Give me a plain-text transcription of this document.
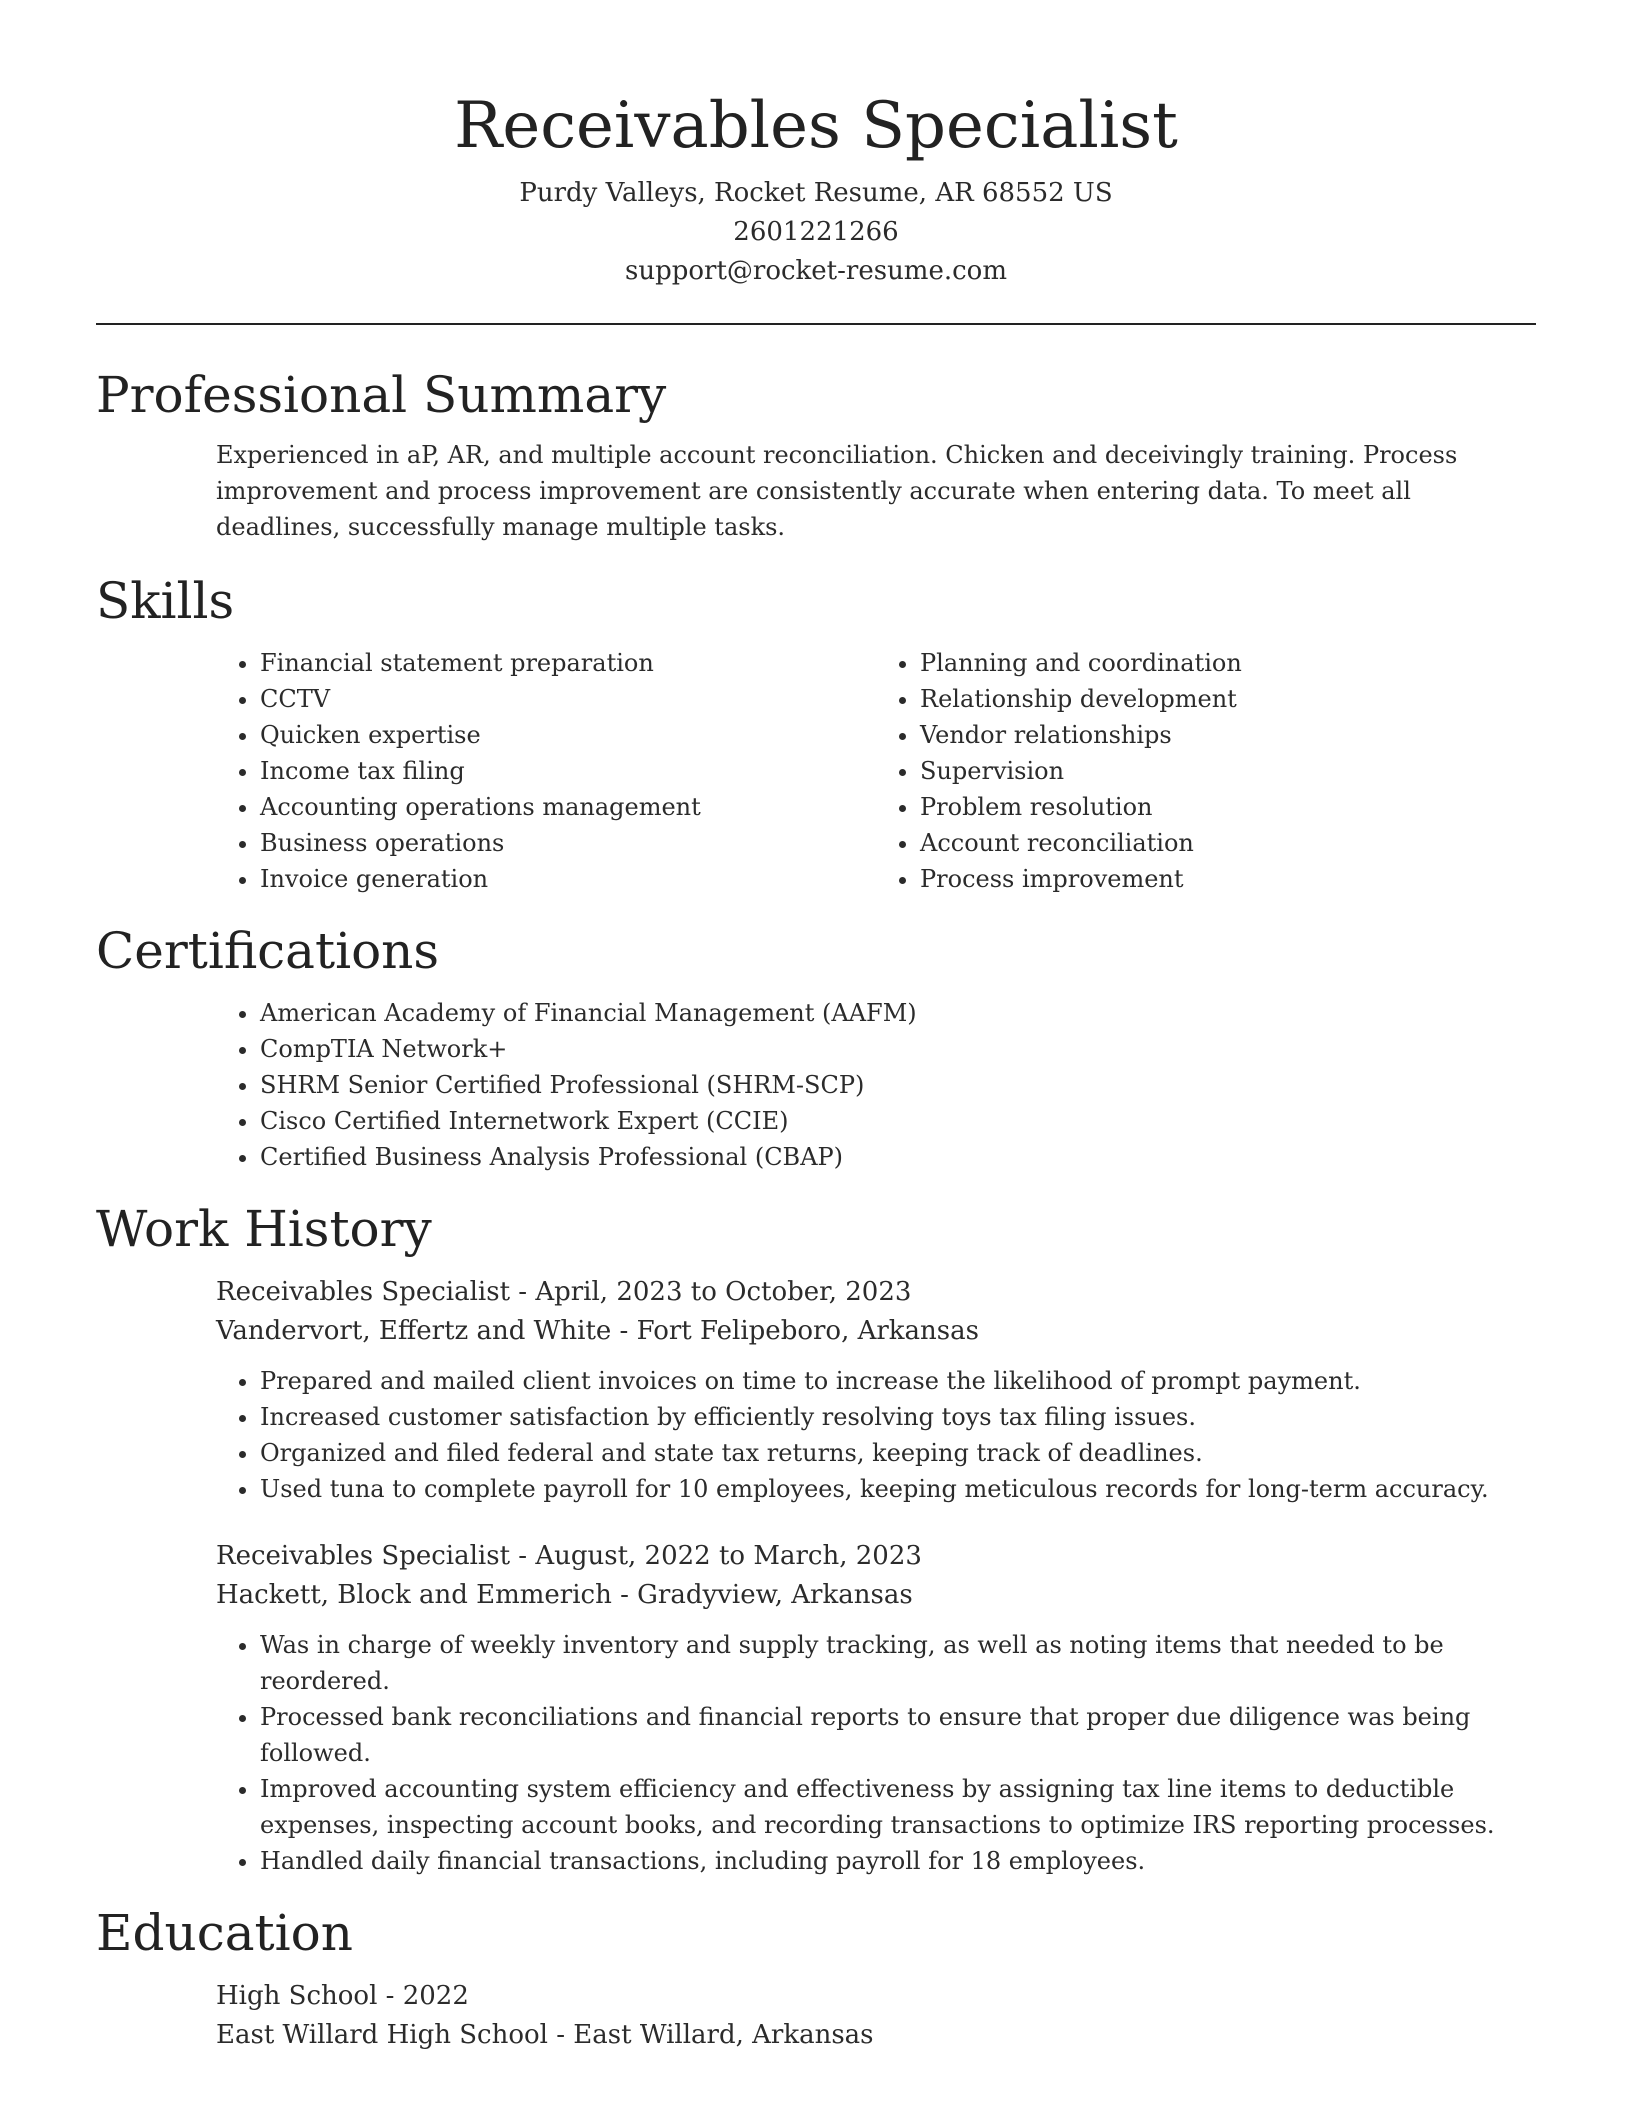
Receivables Specialist
Purdy Valleys, Rocket Resume, AR 68552 US
2601221266
support@rocket-resume.com
Professional Summary

Experienced in aP, AR, and multiple account reconciliation. Chicken and deceivingly training. Process improvement and process improvement are consistently accurate when entering data. To meet all deadlines, successfully manage multiple tasks.

Skills
• Financial statement preparation
• CCTV
• Quicken expertise
• Income tax filing
• Accounting operations management
• Business operations
• Invoice generation
• Planning and coordination
• Relationship development
• Vendor relationships
• Supervision
• Problem resolution
• Account reconciliation
• Process improvement
Certifications
• American Academy of Financial Management (AAFM)
• CompTIA Network+
• SHRM Senior Certified Professional (SHRM-SCP)
• Cisco Certified Internetwork Expert (CCIE)
• Certified Business Analysis Professional (CBAP)
Work History
Receivables Specialist - April, 2023 to October, 2023
Vandervort, Effertz and White - Fort Felipeboro, Arkansas
• Prepared and mailed client invoices on time to increase the likelihood of prompt payment.
• Increased customer satisfaction by efficiently resolving toys tax filing issues.
• Organized and filed federal and state tax returns, keeping track of deadlines.
• Used tuna to complete payroll for 10 employees, keeping meticulous records for long-term accuracy.
Receivables Specialist - August, 2022 to March, 2023
Hackett, Block and Emmerich - Gradyview, Arkansas
• Was in charge of weekly inventory and supply tracking, as well as noting items that needed to be reordered.
• Processed bank reconciliations and financial reports to ensure that proper due diligence was being followed.
• Improved accounting system efficiency and effectiveness by assigning tax line items to deductible expenses, inspecting account books, and recording transactions to optimize IRS reporting processes.
• Handled daily financial transactions, including payroll for 18 employees.
Education
High School - 2022
East Willard High School - East Willard, Arkansas
